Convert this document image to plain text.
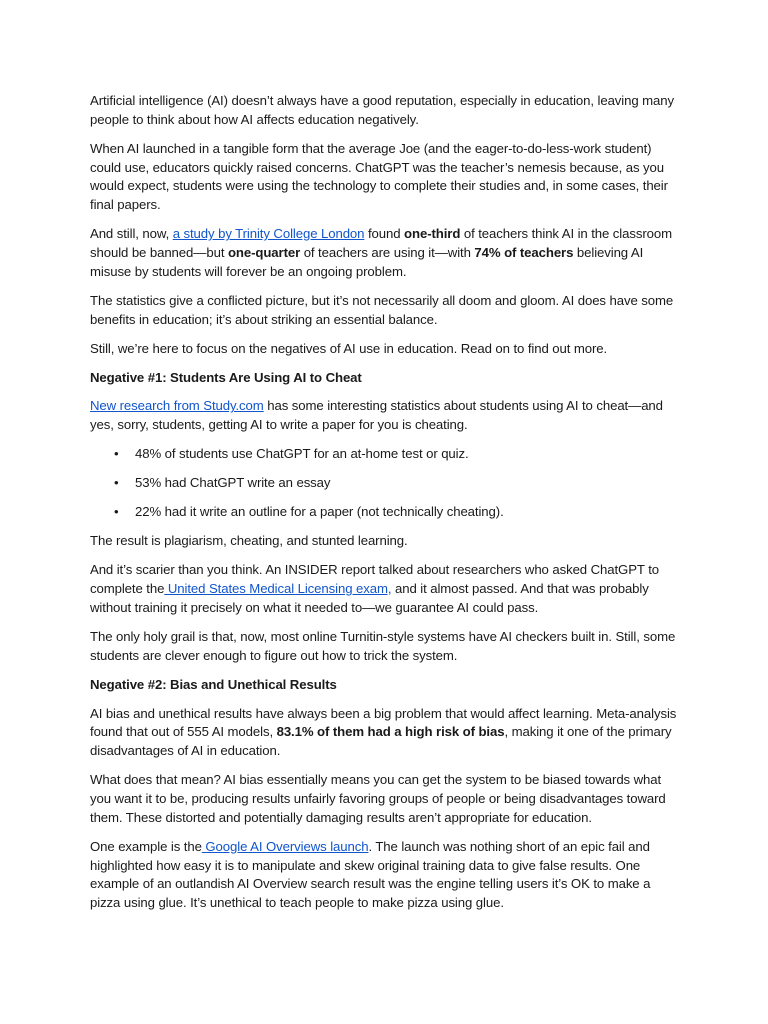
Artificial intelligence (AI) doesn’t always have a good reputation, especially in education, leaving many people to think about how AI affects education negatively.

When AI launched in a tangible form that the average Joe (and the eager-to-do-less-work student) could use, educators quickly raised concerns. ChatGPT was the teacher’s nemesis because, as you would expect, students were using the technology to complete their studies and, in some cases, their final papers.

And still, now, a study by Trinity College London found one-third of teachers think AI in the classroom should be banned—but one-quarter of teachers are using it—with 74% of teachers believing AI misuse by students will forever be an ongoing problem.

The statistics give a conflicted picture, but it’s not necessarily all doom and gloom. AI does have some benefits in education; it’s about striking an essential balance.

Still, we’re here to focus on the negatives of AI use in education. Read on to find out more.

Negative #1: Students Are Using AI to Cheat

New research from Study.com has some interesting statistics about students using AI to cheat—and yes, sorry, students, getting AI to write a paper for you is cheating.

• 48% of students use ChatGPT for an at-home test or quiz.
• 53% had ChatGPT write an essay
• 22% had it write an outline for a paper (not technically cheating).

The result is plagiarism, cheating, and stunted learning.

And it’s scarier than you think. An INSIDER report talked about researchers who asked ChatGPT to complete the United States Medical Licensing exam, and it almost passed. And that was probably without training it precisely on what it needed to—we guarantee AI could pass.

The only holy grail is that, now, most online Turnitin-style systems have AI checkers built in. Still, some students are clever enough to figure out how to trick the system.

Negative #2: Bias and Unethical Results

AI bias and unethical results have always been a big problem that would affect learning. Meta-analysis found that out of 555 AI models, 83.1% of them had a high risk of bias, making it one of the primary disadvantages of AI in education.

What does that mean? AI bias essentially means you can get the system to be biased towards what you want it to be, producing results unfairly favoring groups of people or being disadvantages toward them. These distorted and potentially damaging results aren’t appropriate for education.

One example is the Google AI Overviews launch. The launch was nothing short of an epic fail and highlighted how easy it is to manipulate and skew original training data to give false results. One example of an outlandish AI Overview search result was the engine telling users it’s OK to make a pizza using glue. It’s unethical to teach people to make pizza using glue.
